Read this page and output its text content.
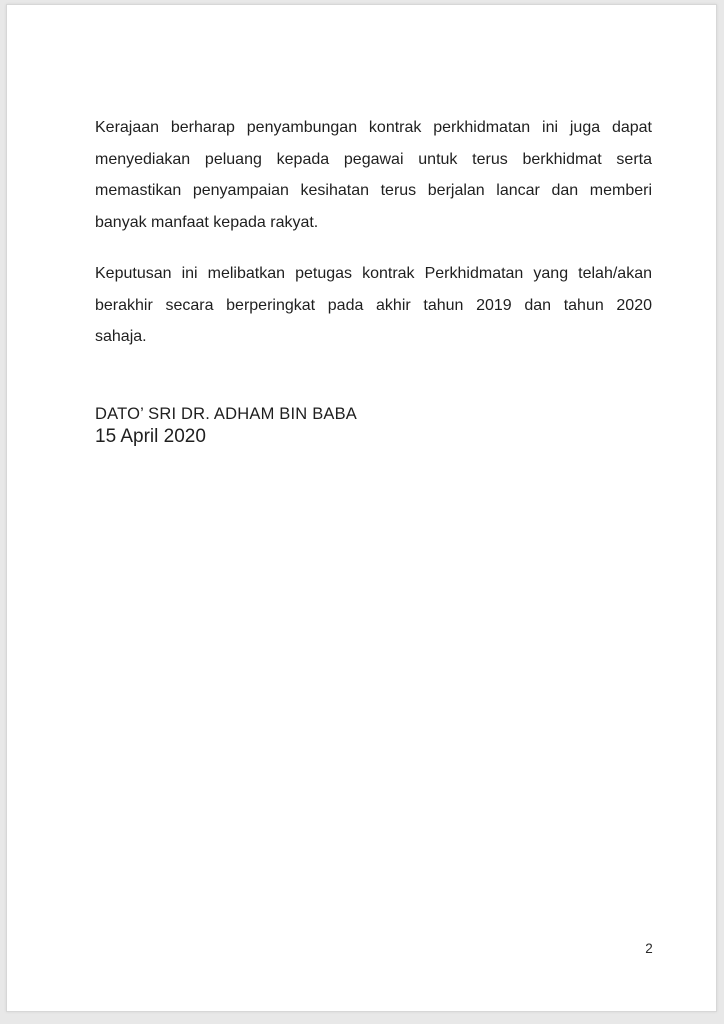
Kerajaan berharap penyambungan kontrak perkhidmatan ini juga dapat
menyediakan peluang kepada pegawai untuk terus berkhidmat serta
memastikan penyampaian kesihatan terus berjalan lancar dan memberi
banyak manfaat kepada rakyat.
Keputusan ini melibatkan petugas kontrak Perkhidmatan yang telah/akan
berakhir secara berperingkat pada akhir tahun 2019 dan tahun 2020
sahaja.
DATO’ SRI DR. ADHAM BIN BABA
15 April 2020
2
